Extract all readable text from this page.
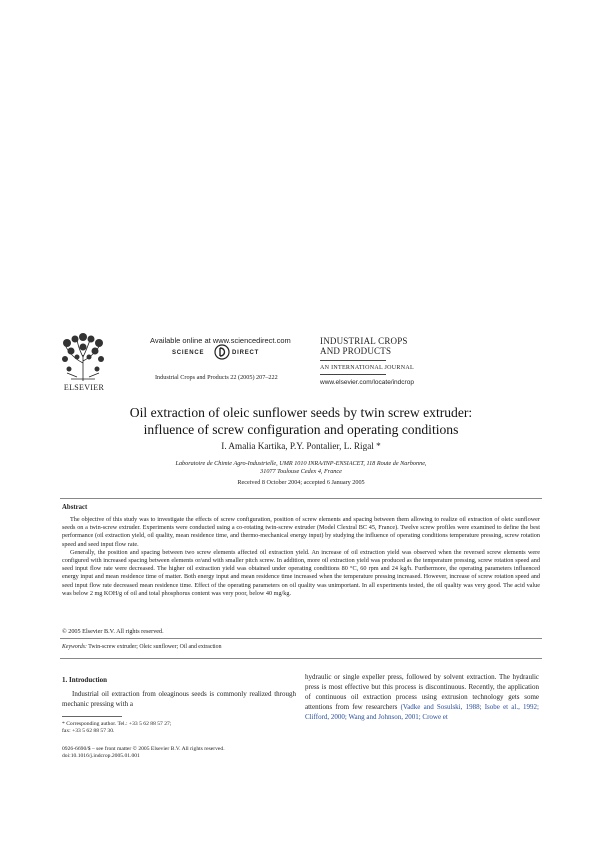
ELSEVIER
Available online at www.sciencedirect.com
SCIENCE	DIRECT
Industrial Crops and Products 22 (2005) 207–222
INDUSTRIAL CROPS
AND PRODUCTS
AN INTERNATIONAL JOURNAL
www.elsevier.com/locate/indcrop
Oil extraction of oleic sunflower seeds by twin screw extruder:
influence of screw configuration and operating conditions
I. Amalia Kartika, P.Y. Pontalier, L. Rigal *
Laboratoire de Chimie Agro-Industrielle, UMR 1010 INRA/INP-ENSIACET, 118 Route de Narbonne,
31077 Toulouse Cedex 4, France
Received 8 October 2004; accepted 6 January 2005
Abstract

The objective of this study was to investigate the effects of screw configuration, position of screw elements and spacing between them allowing to realize oil extraction of oleic sunflower seeds on a twin-screw extruder. Experiments were conducted using a co-rotating twin-screw extruder (Model Clextral BC 45, France). Twelve screw profiles were examined to define the best performance (oil extraction yield, oil quality, mean residence time, and thermo-mechanical energy input) by studying the influence of operating conditions temperature pressing, screw rotation speed and seed input flow rate.

Generally, the position and spacing between two screw elements affected oil extraction yield. An increase of oil extraction yield was observed when the reversed screw elements were configured with increased spacing between elements or/and with smaller pitch screw. In addition, more oil extraction yield was produced as the temperature pressing, screw rotation speed and seed input flow rate were decreased. The higher oil extraction yield was obtained under operating conditions 80 °C, 60 rpm and 24 kg/h. Furthermore, the operating parameters influenced energy input and mean residence time of matter. Both energy input and mean residence time increased when the temperature pressing increased. However, increase of screw rotation speed and seed input flow rate decreased mean residence time. Effect of the operating parameters on oil quality was unimportant. In all experiments tested, the oil quality was very good. The acid value was below 2 mg KOH/g of oil and total phosphorus content was very poor, below 40 mg/kg.

© 2005 Elsevier B.V. All rights reserved.
Keywords: Twin-screw extruder; Oleic sunflower; Oil and extraction
1. Introduction

Industrial oil extraction from oleaginous seeds is commonly realized through mechanic pressing with a

hydraulic or single expeller press, followed by solvent extraction. The hydraulic press is most effective but this process is discontinuous. Recently, the application of continuous oil extraction process using extrusion technology gets some attentions from few researchers (Vadke and Sosulski, 1988; Isobe et al., 1992; Clifford, 2000; Wang and Johnson, 2001; Crowe et
* Corresponding author. Tel.: +33 5 62 88 57 27;
fax: +33 5 62 88 57 30.
0926-6690/$ – see front matter © 2005 Elsevier B.V. All rights reserved.
doi:10.1016/j.indcrop.2005.01.001
